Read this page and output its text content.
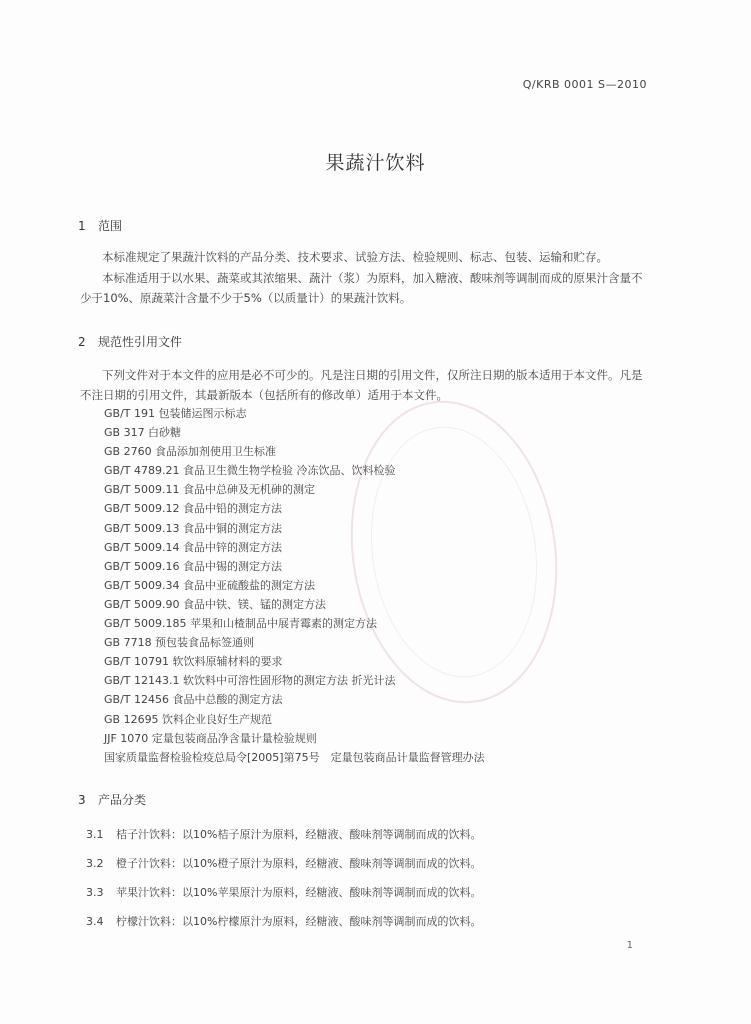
Q/KRB 0001 S—2010
果蔬汁饮料
1 范围
本标准规定了果蔬汁饮料的产品分类、技术要求、试验方法、检验规则、标志、包装、运输和贮存。
本标准适用于以水果、蔬菜或其浓缩果、蔬汁（浆）为原料，加入糖液、酸味剂等调制而成的原果汁含量不少于10%、原蔬菜汁含量不少于5%（以质量计）的果蔬汁饮料。
2 规范性引用文件
下列文件对于本文件的应用是必不可少的。凡是注日期的引用文件，仅所注日期的版本适用于本文件。凡是不注日期的引用文件，其最新版本（包括所有的修改单）适用于本文件。
GB/T 191 包装储运图示标志
GB 317 白砂糖
GB 2760 食品添加剂使用卫生标准
GB/T 4789.21 食品卫生微生物学检验 冷冻饮品、饮料检验
GB/T 5009.11 食品中总砷及无机砷的测定
GB/T 5009.12 食品中铅的测定方法
GB/T 5009.13 食品中铜的测定方法
GB/T 5009.14 食品中锌的测定方法
GB/T 5009.16 食品中锡的测定方法
GB/T 5009.34 食品中亚硫酸盐的测定方法
GB/T 5009.90 食品中铁、镁、锰的测定方法
GB/T 5009.185 苹果和山楂制品中展青霉素的测定方法
GB 7718 预包装食品标签通则
GB/T 10791 软饮料原辅材料的要求
GB/T 12143.1 软饮料中可溶性固形物的测定方法 折光计法
GB/T 12456 食品中总酸的测定方法
GB 12695 饮料企业良好生产规范
JJF 1070 定量包装商品净含量计量检验规则
国家质量监督检验检疫总局令[2005]第75号　定量包装商品计量监督管理办法
3 产品分类
3.1 桔子汁饮料：以10%桔子原汁为原料，经糖液、酸味剂等调制而成的饮料。
3.2 橙子汁饮料：以10%橙子原汁为原料，经糖液、酸味剂等调制而成的饮料。
3.3 苹果汁饮料：以10%苹果原汁为原料，经糖液、酸味剂等调制而成的饮料。
3.4 柠檬汁饮料：以10%柠檬原汁为原料，经糖液、酸味剂等调制而成的饮料。
1
